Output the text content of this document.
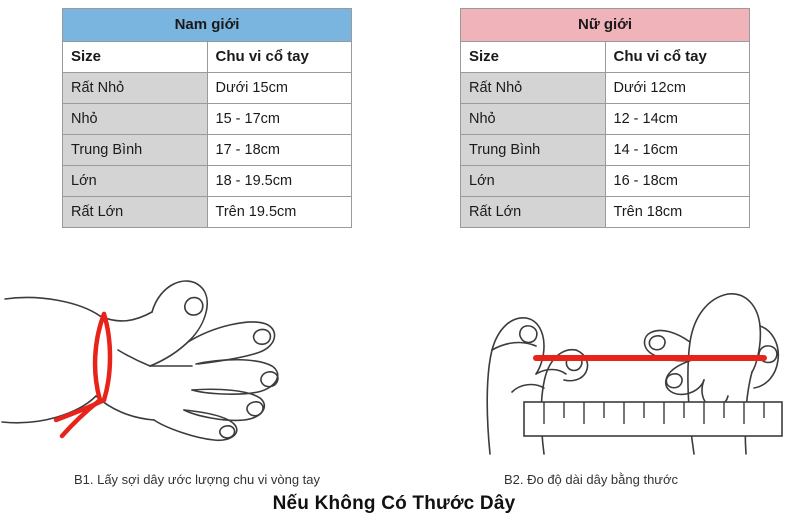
Nam giới	
Size	Chu vi cổ tay
Rất Nhỏ	Dưới 15cm
Nhỏ	15 - 17cm
Trung Bình	17 - 18cm
Lớn	18 - 19.5cm
Rất Lớn	Trên 19.5cm
Nữ giới	
Size	Chu vi cổ tay
Rất Nhỏ	Dưới 12cm
Nhỏ	12 - 14cm
Trung Bình	14 - 16cm
Lớn	16 - 18cm
Rất Lớn	Trên 18cm
B1. Lấy sợi dây ước lượng chu vi vòng tay	B2. Đo độ dài dây bằng thước
Nếu Không Có Thước Dây
